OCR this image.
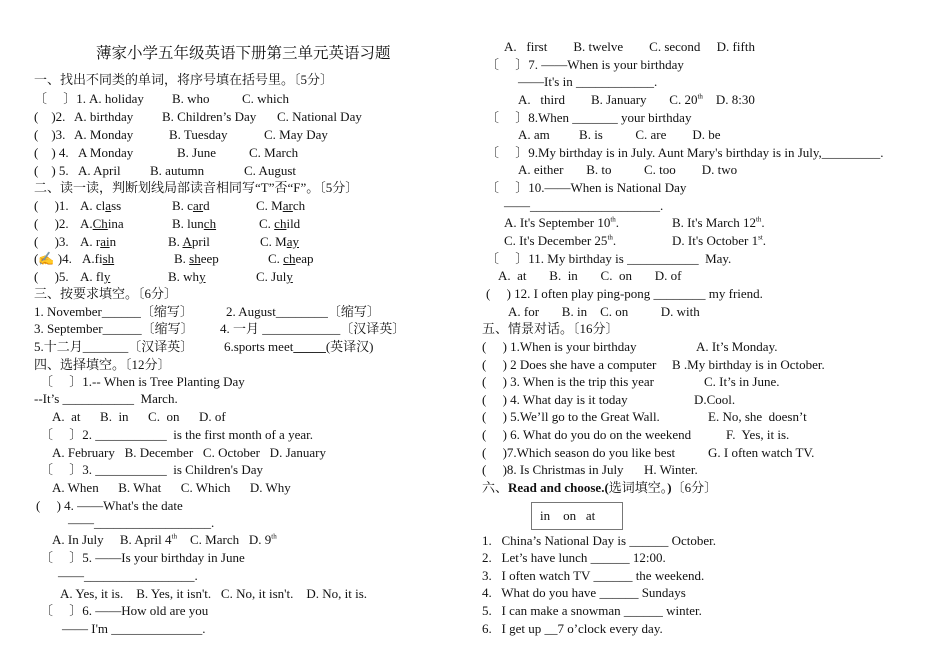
薄家小学五年级英语下册第三单元英语习题
一、找出不同类的单词，将序号填在括号里。〔5分〕
〔　 〕1. A. holiday B. who C. which
(　)2. A. birthday B. Children’s Day C. National Day
(　)3. A. Monday	B. Tuesday	C. May Day
(　) 4. A Monday	B. June	C. March
(　) 5. A. April B. autumn	C. August
二、读一读，判断划线局部读音相同写“T”否“F”。〔5分〕
(　 )1. A. class	B. card	C. March
(　 )2. A.China	B. lunch	C. child
(　 )3. A. rain	B. April	C. May
(✍ )4. A.fish	B. sheep	C. cheap
(　 )5. A. fly	B. why	C. July
三、按要求填空。〔6分〕
1. November______〔缩写〕	2. August________〔缩写〕
3. September______〔缩写〕 4. 一月 ____________〔汉译英〕
5.十二月_______〔汉译英〕 6.sports meet_____(英译汉)
四、选择填空。〔12分〕
〔　 〕1.-- When is Tree Planting Day
--It’s ___________  March.
A.  at      B.  in      C.  on      D. of
〔　 〕2. ___________  is the first month of a year.
A. February   B. December   C. October   D. January
〔　 〕3. ___________  is Children's Day
A. When      B. What      C. Which      D. Why
(　 ) 4. ——What's the date
——__________________.
A. In July     B. April 4th    C. March   D. 9th
〔　 〕5. ——Is your birthday in June
——_________________.
A. Yes, it is.    B. Yes, it isn't.   C. No, it isn't.    D. No, it is.
〔　 〕6. ——How old are you
—— I'm ______________.
A.   first        B. twelve        C. second     D. fifth
〔　 〕7. ——When is your birthday
——It's in ____________.
A.   third        B. January       C. 20th    D. 8:30
〔　 〕8.When _______ your birthday
A. am         B. is          C. are        D. be
〔　 〕9.My birthday is in July. Aunt Mary's birthday is in July,_________.
A. either       B. to          C. too        D. two
〔　 〕10.——When is National Day
——____________________.
A. It's September 10th.	B. It's March 12th.
C. It's December 25th.	D. It's October 1st.
〔　 〕11. My birthday is ___________  May.
A.  at       B.  in       C.  on       D. of
(　 ) 12. I often play ping-pong ________ my friend.
A. for       B. in    C. on          D. with
五、情景对话。〔16分〕
(　 ) 1.When is your birthday	A. It’s Monday.
(　 ) 2 Does she have a computer B .My birthday is in October.
(　 ) 3. When is the trip this year	C. It’s in June.
(　 ) 4. What day is it today	D.Cool.
(　 ) 5.We’ll go to the Great Wall.	E. No, she  doesn’t
(　 ) 6. What do you do on the weekend	F.  Yes, it is.
(　 )7.Which season do you like best	G. I often watch TV.
(　 )8. Is Christmas in July H. Winter.
六、Read and choose.(选词填空。)〔6分〕
in    on   at
1.   China’s National Day is ______ October.
2.   Let’s have lunch ______ 12:00.
3.   I often watch TV ______ the weekend.
4.   What do you have ______ Sundays
5.   I can make a snowman ______ winter.
6.   I get up __7 o’clock every day.
